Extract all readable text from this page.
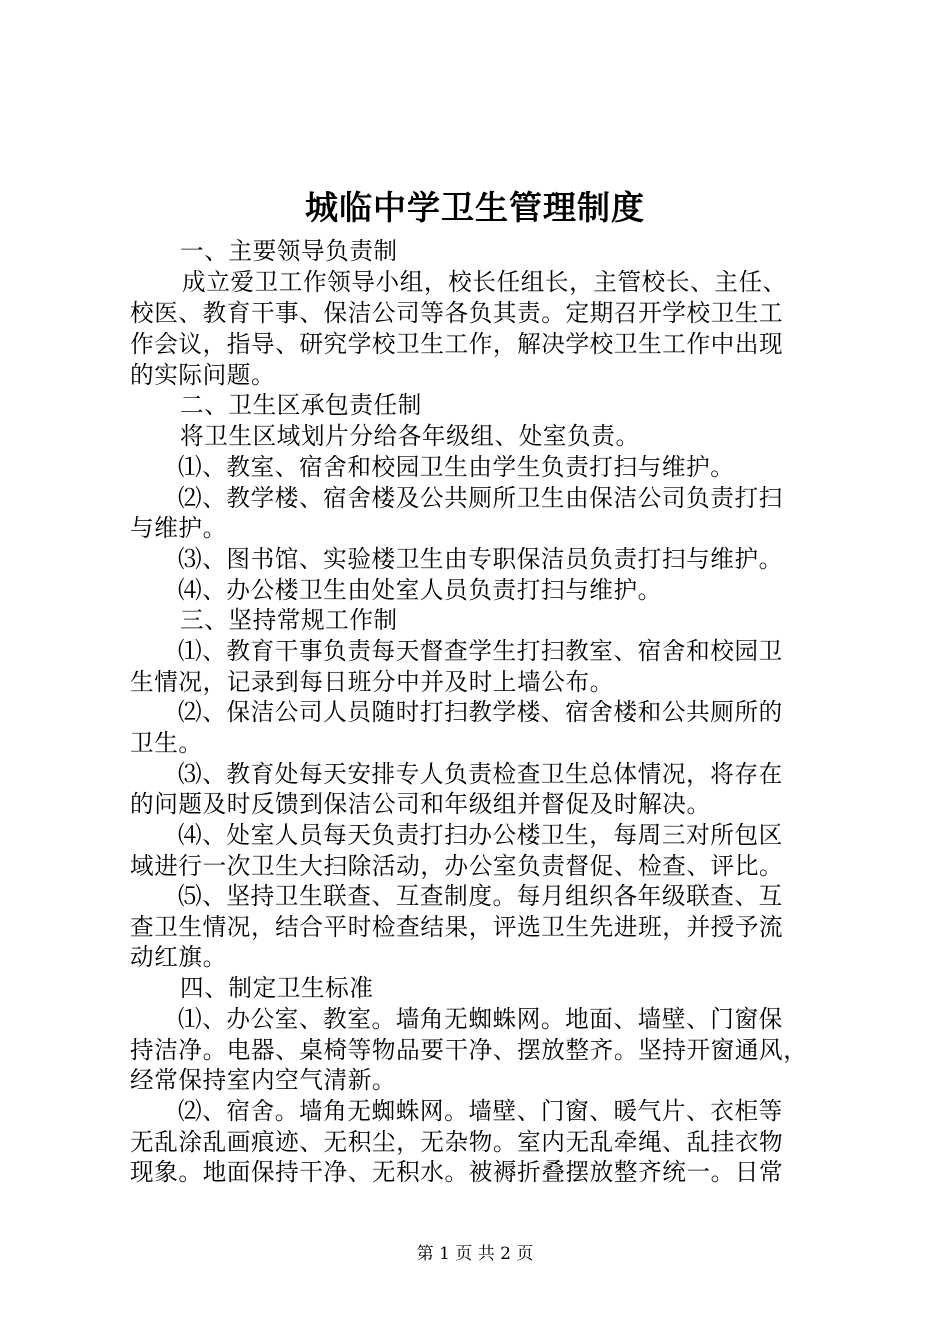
城临中学卫生管理制度
一、主要领导负责制
成立爱卫工作领导小组，校长任组长，主管校长、主任、
校医、教育干事、保洁公司等各负其责。定期召开学校卫生工
作会议，指导、研究学校卫生工作，解决学校卫生工作中出现
的实际问题。
二、卫生区承包责任制
将卫生区域划片分给各年级组、处室负责。
⑴、教室、宿舍和校园卫生由学生负责打扫与维护。
⑵、教学楼、宿舍楼及公共厕所卫生由保洁公司负责打扫
与维护。
⑶、图书馆、实验楼卫生由专职保洁员负责打扫与维护。
⑷、办公楼卫生由处室人员负责打扫与维护。
三、坚持常规工作制
⑴、教育干事负责每天督查学生打扫教室、宿舍和校园卫
生情况，记录到每日班分中并及时上墙公布。
⑵、保洁公司人员随时打扫教学楼、宿舍楼和公共厕所的
卫生。
⑶、教育处每天安排专人负责检查卫生总体情况，将存在
的问题及时反馈到保洁公司和年级组并督促及时解决。
⑷、处室人员每天负责打扫办公楼卫生，每周三对所包区
域进行一次卫生大扫除活动，办公室负责督促、检查、评比。
⑸、坚持卫生联查、互查制度。每月组织各年级联查、互
查卫生情况，结合平时检查结果，评选卫生先进班，并授予流
动红旗。
四、制定卫生标准
⑴、办公室、教室。墙角无蜘蛛网。地面、墙壁、门窗保
持洁净。电器、桌椅等物品要干净、摆放整齐。坚持开窗通风，
经常保持室内空气清新。
⑵、宿舍。墙角无蜘蛛网。墙壁、门窗、暖气片、衣柜等
无乱涂乱画痕迹、无积尘，无杂物。室内无乱牵绳、乱挂衣物
现象。地面保持干净、无积水。被褥折叠摆放整齐统一。日常
第 1 页 共 2 页
